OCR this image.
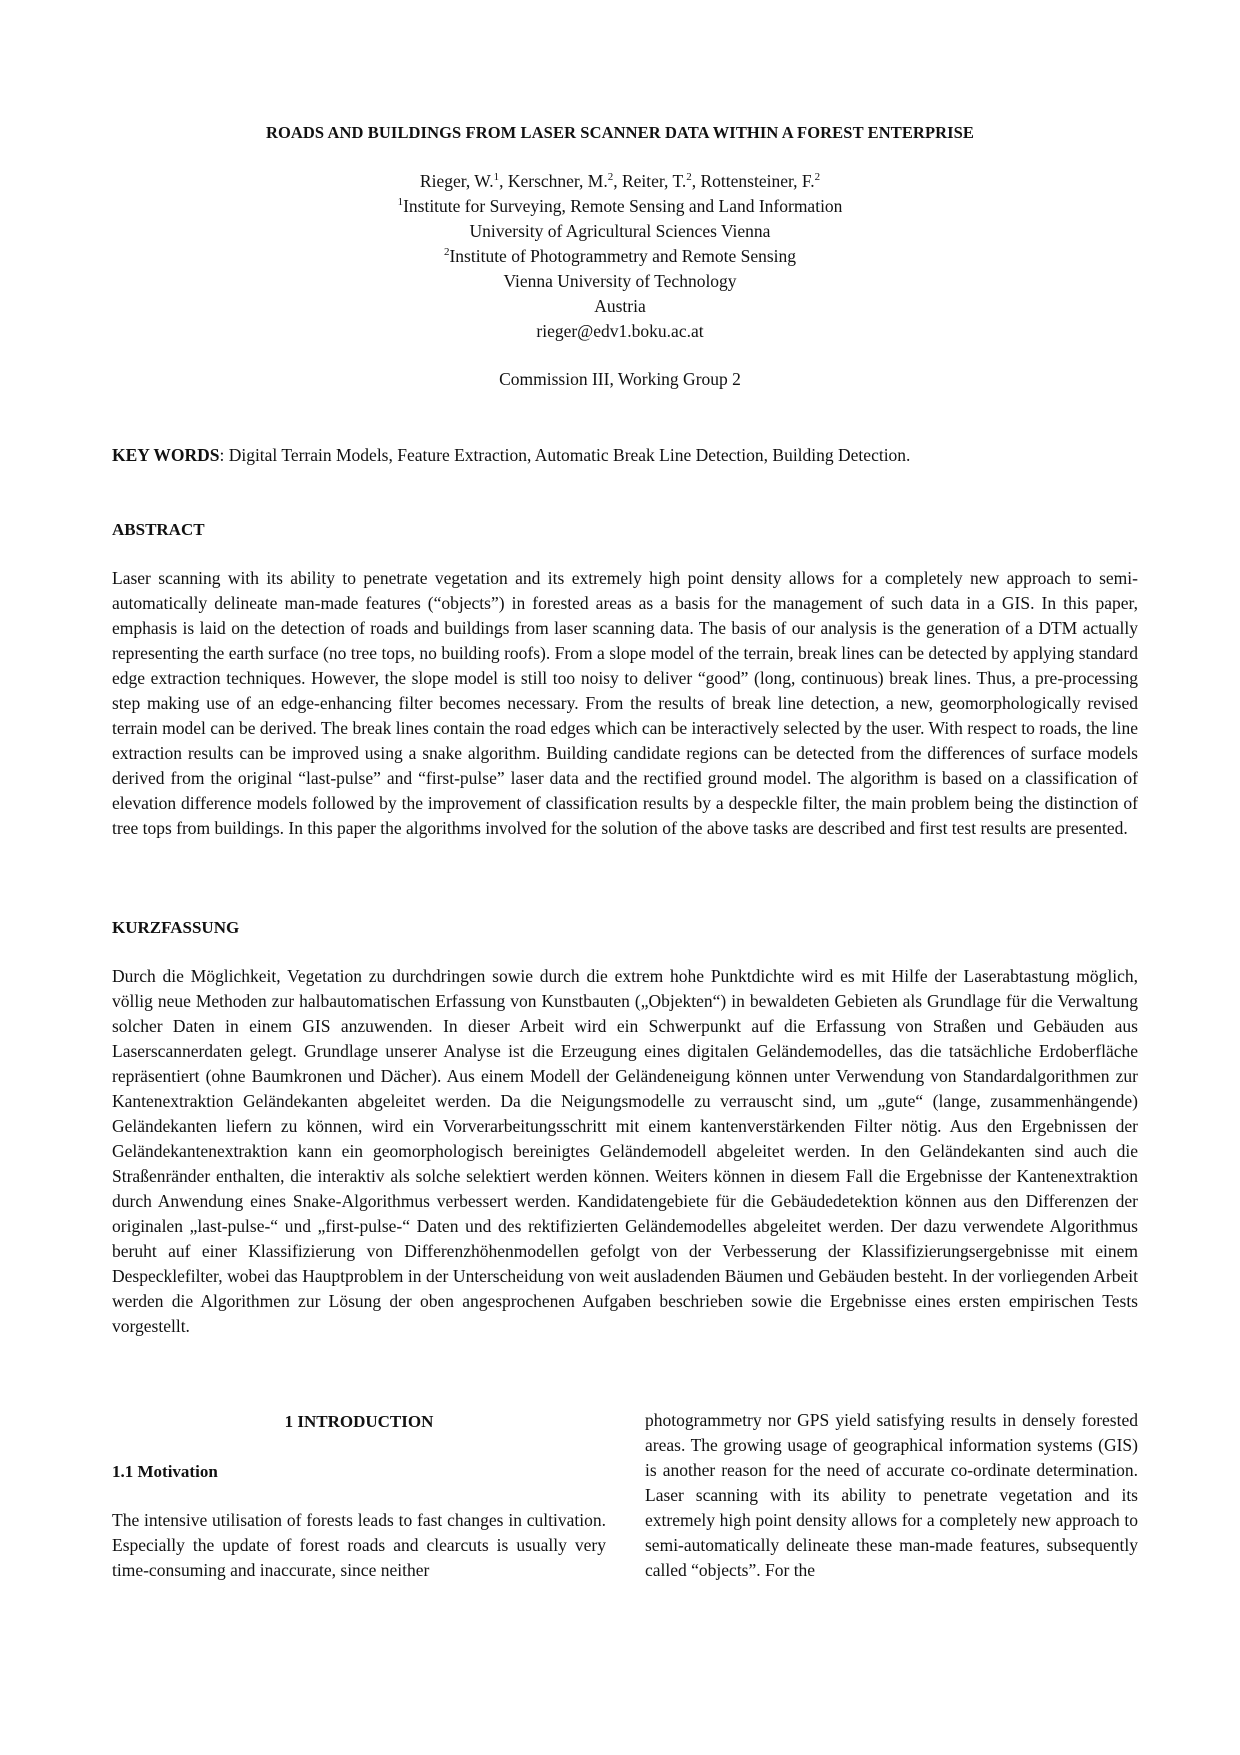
ROADS AND BUILDINGS FROM LASER SCANNER DATA WITHIN A FOREST ENTERPRISE
Rieger, W.$^1$, Kerschner, M.$^2$, Reiter, T.$^2$, Rottensteiner, F.$^2$
$^1$Institute for Surveying, Remote Sensing and Land Information
University of Agricultural Sciences Vienna
$^2$Institute of Photogrammetry and Remote Sensing
Vienna University of Technology
Austria
rieger@edv1.boku.ac.at
Commission III, Working Group 2
KEY WORDS: Digital Terrain Models, Feature Extraction, Automatic Break Line Detection, Building Detection.
ABSTRACT

Laser scanning with its ability to penetrate vegetation and its extremely high point density allows for a completely new approach to semi-automatically delineate man-made features (“objects”) in forested areas as a basis for the management of such data in a GIS. In this paper, emphasis is laid on the detection of roads and buildings from laser scanning data. The basis of our analysis is the generation of a DTM actually representing the earth surface (no tree tops, no building roofs). From a slope model of the terrain, break lines can be detected by applying standard edge extraction techniques. However, the slope model is still too noisy to deliver “good” (long, continuous) break lines. Thus, a pre-processing step making use of an edge-enhancing filter becomes necessary. From the results of break line detection, a new, geomorphologically revised terrain model can be derived. The break lines contain the road edges which can be interactively selected by the user. With respect to roads, the line extraction results can be improved using a snake algorithm. Building candidate regions can be detected from the differences of surface models derived from the original “last-pulse” and “first-pulse” laser data and the rectified ground model. The algorithm is based on a classification of elevation difference models followed by the improvement of classification results by a despeckle filter, the main problem being the distinction of tree tops from buildings. In this paper the algorithms involved for the solution of the above tasks are described and first test results are presented.

KURZFASSUNG

Durch die Möglichkeit, Vegetation zu durchdringen sowie durch die extrem hohe Punktdichte wird es mit Hilfe der Laserabtastung möglich, völlig neue Methoden zur halbautomatischen Erfassung von Kunstbauten („Objekten“) in bewaldeten Gebieten als Grundlage für die Verwaltung solcher Daten in einem GIS anzuwenden. In dieser Arbeit wird ein Schwerpunkt auf die Erfassung von Straßen und Gebäuden aus Laserscannerdaten gelegt. Grundlage unserer Analyse ist die Erzeugung eines digitalen Geländemodelles, das die tatsächliche Erdoberfläche repräsentiert (ohne Baumkronen und Dächer). Aus einem Modell der Geländeneigung können unter Verwendung von Standardalgorithmen zur Kantenextraktion Geländekanten abgeleitet werden. Da die Neigungsmodelle zu verrauscht sind, um „gute“ (lange, zusammenhängende) Geländekanten liefern zu können, wird ein Vorverarbeitungsschritt mit einem kantenverstärkenden Filter nötig. Aus den Ergebnissen der Geländekantenextraktion kann ein geomorphologisch bereinigtes Geländemodell abgeleitet werden. In den Geländekanten sind auch die Straßenränder enthalten, die interaktiv als solche selektiert werden können. Weiters können in diesem Fall die Ergebnisse der Kantenextraktion durch Anwendung eines Snake-Algorithmus verbessert werden. Kandidatengebiete für die Gebäudedetektion können aus den Differenzen der originalen „last-pulse-“ und „first-pulse-“ Daten und des rektifizierten Geländemodelles abgeleitet werden. Der dazu verwendete Algorithmus beruht auf einer Klassifizierung von Differenzhöhenmodellen gefolgt von der Verbesserung der Klassifizierungsergebnisse mit einem Despecklefilter, wobei das Hauptproblem in der Unterscheidung von weit ausladenden Bäumen und Gebäuden besteht. In der vorliegenden Arbeit werden die Algorithmen zur Lösung der oben angesprochenen Aufgaben beschrieben sowie die Ergebnisse eines ersten empirischen Tests vorgestellt.

1 INTRODUCTION
1.1 Motivation

The intensive utilisation of forests leads to fast changes in cultivation. Especially the update of forest roads and clearcuts is usually very time-consuming and inaccurate, since neither

photogrammetry nor GPS yield satisfying results in densely forested areas. The growing usage of geographical information systems (GIS) is another reason for the need of accurate co-ordinate determination. Laser scanning with its ability to penetrate vegetation and its extremely high point density allows for a completely new approach to semi-automatically delineate these man-made features, subsequently called “objects”. For the
